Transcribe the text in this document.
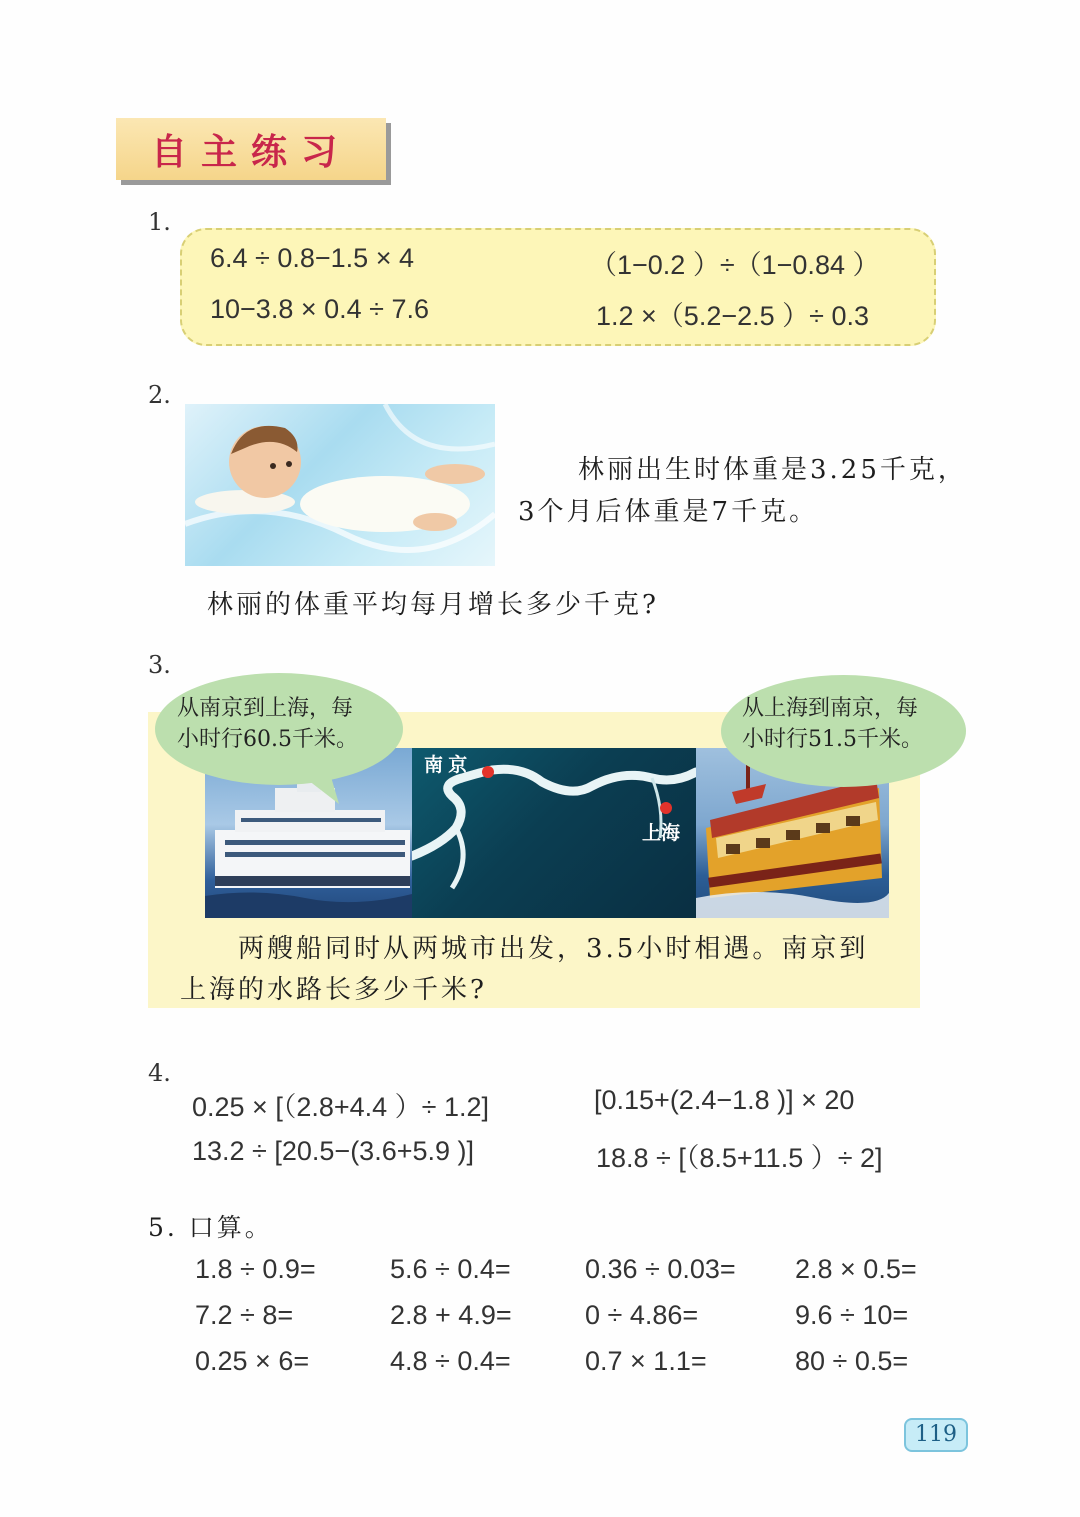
自主练习
1.
6.4 ÷ 0.8−1.5 × 4	（1−0.2 ）÷（1−0.84 ）
10−3.8 × 0.4 ÷ 7.6	1.2 ×（5.2−2.5 ）÷ 0.3
2.
林丽出生时体重是3.25千克，
3个月后体重是7千克。
林丽的体重平均每月增长多少千克?
3.
南 京
上海
从南京到上海，每
小时行60.5千米。
从上海到南京，每
小时行51.5千米。
两艘船同时从两城市出发，3.5小时相遇。南京到
上海的水路长多少千米?
4.
0.25 × [（2.8+4.4 ）÷ 1.2]	[0.15+(2.4−1.8 )] × 20
13.2 ÷ [20.5−(3.6+5.9 )]	18.8 ÷ [（8.5+11.5 ）÷ 2]
5. 口算。
1.8 ÷ 0.9=	5.6 ÷ 0.4=	0.36 ÷ 0.03= 2.8 × 0.5=
7.2 ÷ 8=	2.8 + 4.9=	0 ÷ 4.86=	9.6 ÷ 10=
0.25 × 6=	4.8 ÷ 0.4=	0.7 × 1.1=	80 ÷ 0.5=
119
